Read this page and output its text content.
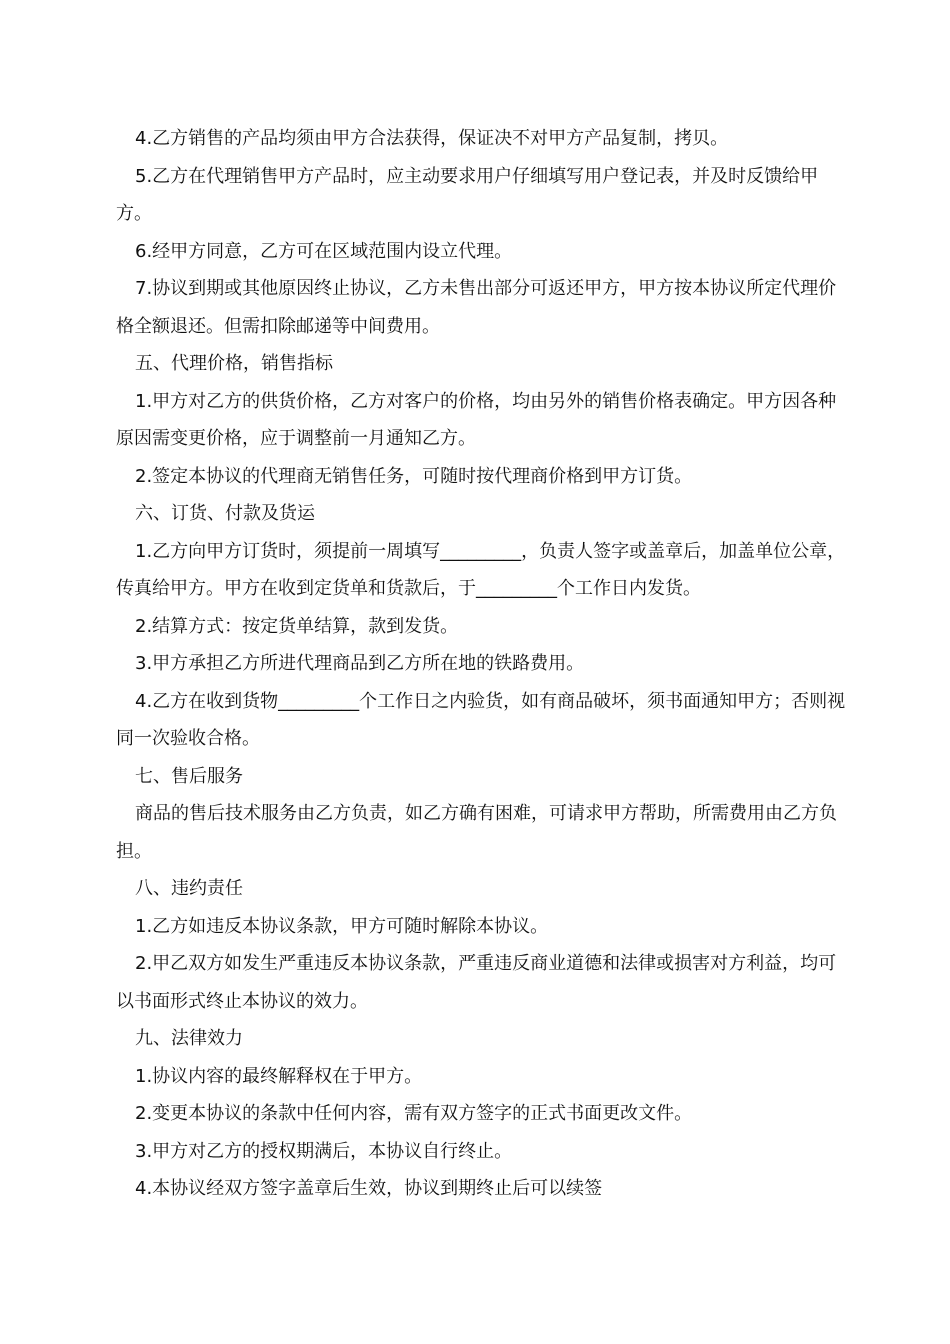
4.乙方销售的产品均须由甲方合法获得，保证决不对甲方产品复制，拷贝。

5.乙方在代理销售甲方产品时，应主动要求用户仔细填写用户登记表，并及时反馈给甲方。

6.经甲方同意，乙方可在区域范围内设立代理。

7.协议到期或其他原因终止协议，乙方未售出部分可返还甲方，甲方按本协议所定代理价格全额退还。但需扣除邮递等中间费用。

五、代理价格，销售指标

1.甲方对乙方的供货价格，乙方对客户的价格，均由另外的销售价格表确定。甲方因各种原因需变更价格，应于调整前一月通知乙方。

2.签定本协议的代理商无销售任务，可随时按代理商价格到甲方订货。

六、订货、付款及货运

1.乙方向甲方订货时，须提前一周填写_________，负责人签字或盖章后，加盖单位公章，传真给甲方。甲方在收到定货单和货款后，于_________个工作日内发货。

2.结算方式：按定货单结算，款到发货。

3.甲方承担乙方所进代理商品到乙方所在地的铁路费用。

4.乙方在收到货物_________个工作日之内验货，如有商品破坏，须书面通知甲方；否则视同一次验收合格。

七、售后服务

商品的售后技术服务由乙方负责，如乙方确有困难，可请求甲方帮助，所需费用由乙方负担。

八、违约责任

1.乙方如违反本协议条款，甲方可随时解除本协议。

2.甲乙双方如发生严重违反本协议条款，严重违反商业道德和法律或损害对方利益，均可以书面形式终止本协议的效力。

九、法律效力

1.协议内容的最终解释权在于甲方。

2.变更本协议的条款中任何内容，需有双方签字的正式书面更改文件。

3.甲方对乙方的授权期满后，本协议自行终止。

4.本协议经双方签字盖章后生效，协议到期终止后可以续签
